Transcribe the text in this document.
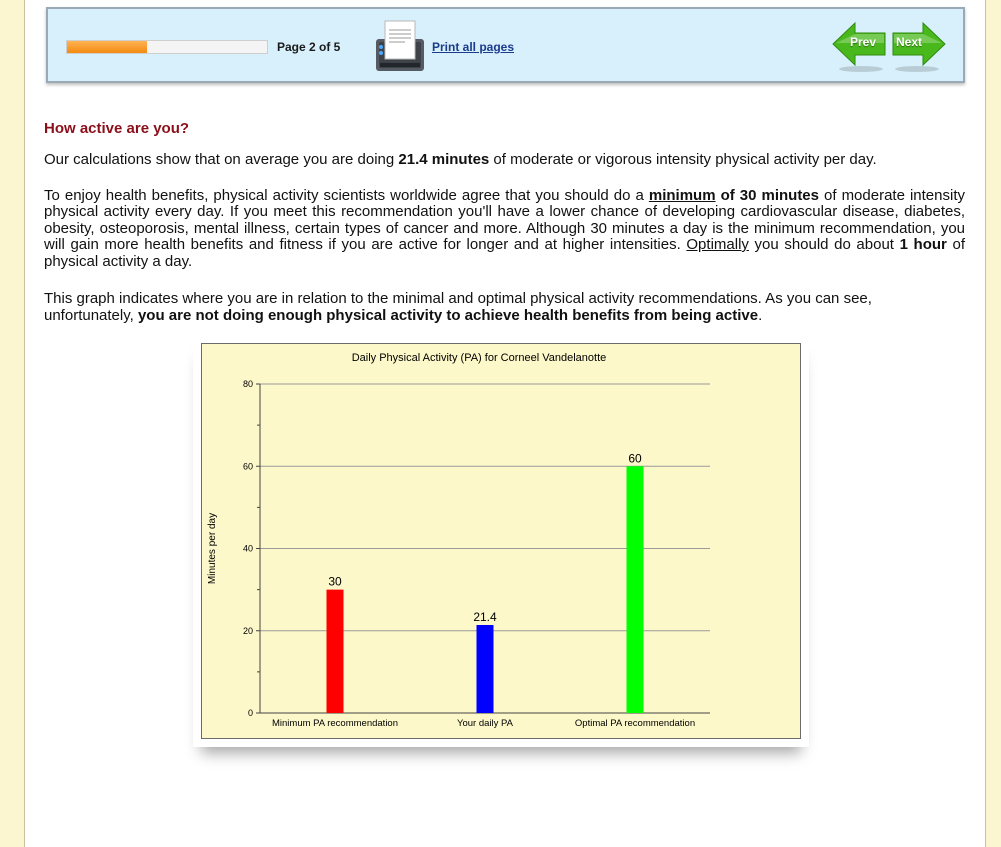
Page 2 of 5	Print all pages	Prev Next
How active are you?

Our calculations show that on average you are doing 21.4 minutes of moderate or vigorous intensity physical activity per day.

To enjoy health benefits, physical activity scientists worldwide agree that you should do a minimum of 30 minutes of moderate intensity physical activity every day. If you meet this recommendation you'll have a lower chance of developing cardiovascular disease, diabetes, obesity, osteoporosis, mental illness, certain types of cancer and more. Although 30 minutes a day is the minimum recommendation, you will gain more health benefits and fitness if you are active for longer and at higher intensities. Optimally you should do about 1 hour of physical activity a day.

This graph indicates where you are in relation to the minimal and optimal physical activity recommendations. As you can see, unfortunately, you are not doing enough physical activity to achieve health benefits from being active.

Daily Physical Activity (PA) for Corneel Vandelanotte
Minutes per day
0
20
40
60
80
30
Minimum PA recommendation
21.4
Your daily PA
60
Optimal PA recommendation
